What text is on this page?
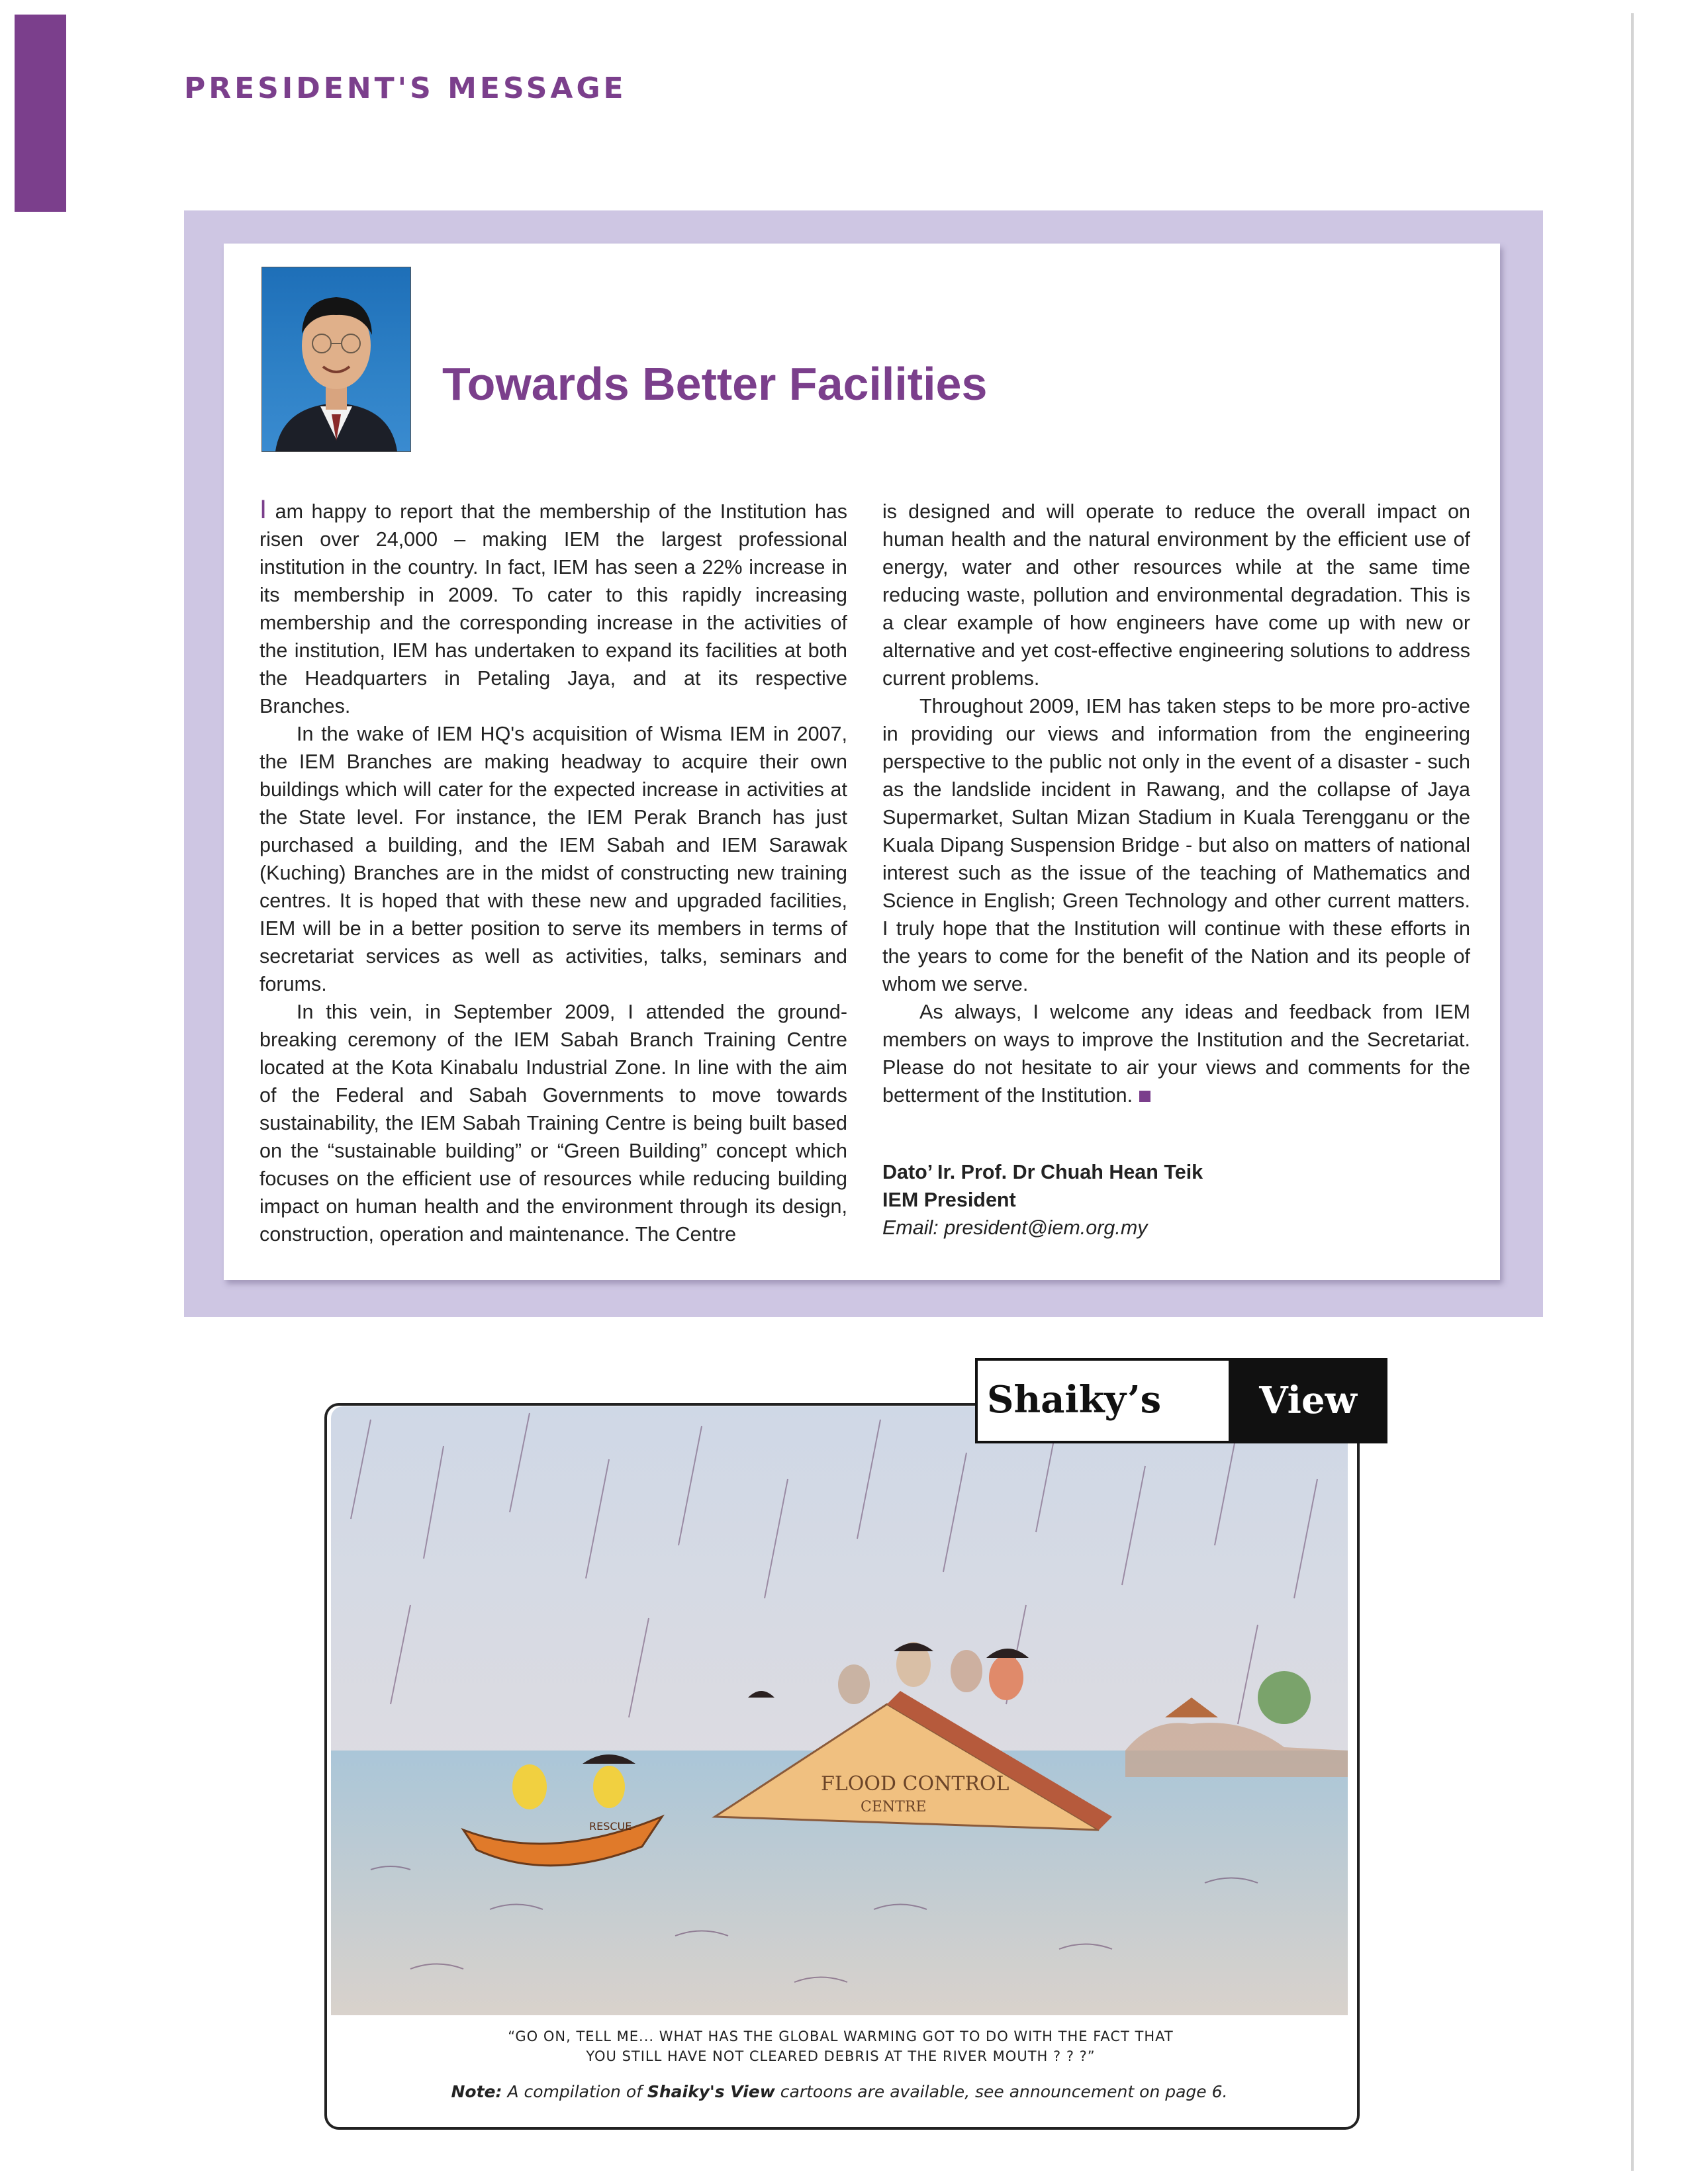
PRESIDENT'S MESSAGE
Towards Better Facilities

I am happy to report that the membership of the Institution has risen over 24,000 – making IEM the largest professional institution in the country. In fact, IEM has seen a 22% increase in its membership in 2009. To cater to this rapidly increasing membership and the corresponding increase in the activities of the institution, IEM has undertaken to expand its facilities at both the Headquarters in Petaling Jaya, and at its respective Branches.

In the wake of IEM HQ's acquisition of Wisma IEM in 2007, the IEM Branches are making headway to acquire their own buildings which will cater for the expected increase in activities at the State level. For instance, the IEM Perak Branch has just purchased a building, and the IEM Sabah and IEM Sarawak (Kuching) Branches are in the midst of constructing new training centres. It is hoped that with these new and upgraded facilities, IEM will be in a better position to serve its members in terms of secretariat services as well as activities, talks, seminars and forums.

In this vein, in September 2009, I attended the ground-breaking ceremony of the IEM Sabah Branch Training Centre located at the Kota Kinabalu Industrial Zone. In line with the aim of the Federal and Sabah Governments to move towards sustainability, the IEM Sabah Training Centre is being built based on the “sustainable building” or “Green Building” concept which focuses on the efficient use of resources while reducing building impact on human health and the environment through its design, construction, operation and maintenance. The Centre

is designed and will operate to reduce the overall impact on human health and the natural environment by the efficient use of energy, water and other resources while at the same time reducing waste, pollution and environmental degradation. This is a clear example of how engineers have come up with new or alternative and yet cost-effective engineering solutions to address current problems.

Throughout 2009, IEM has taken steps to be more pro-active in providing our views and information from the engineering perspective to the public not only in the event of a disaster - such as the landslide incident in Rawang, and the collapse of Jaya Supermarket, Sultan Mizan Stadium in Kuala Terengganu or the Kuala Dipang Suspension Bridge - but also on matters of national interest such as the issue of the teaching of Mathematics and Science in English; Green Technology and other current matters. I truly hope that the Institution will continue with these efforts in the years to come for the benefit of the Nation and its people of whom we serve.

As always, I welcome any ideas and feedback from IEM members on ways to improve the Institution and the Secretariat. Please do not hesitate to air your views and comments for the betterment of the Institution.

Dato’ Ir. Prof. Dr Chuah Hean Teik
IEM President
Email: president@iem.org.my
FLOOD CONTROL
CENTRE
RESCUE
Shaiky’s	View

“GO ON, TELL ME... WHAT HAS THE GLOBAL WARMING GOT TO DO WITH THE FACT THAT
YOU STILL HAVE NOT CLEARED DEBRIS AT THE RIVER MOUTH ? ? ?”

Note: A compilation of Shaiky's View cartoons are available, see announcement on page 6.
